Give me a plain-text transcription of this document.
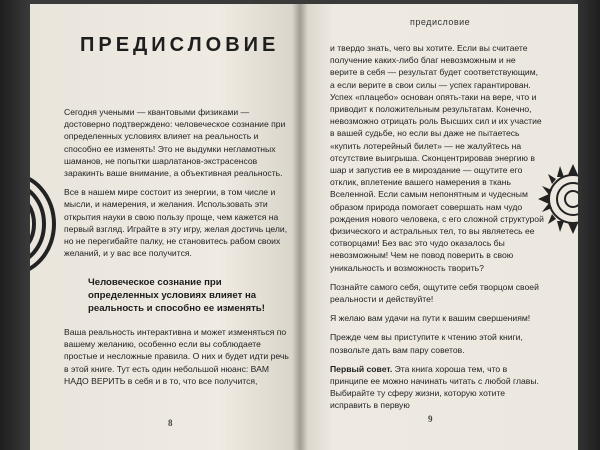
ПРЕДИСЛОВИЕ

Сегодня учеными — квантовыми физиками — достоверно подтверждено: человеческое сознание при определенных условиях влияет на реальность и способно ее изменять! Это не выдумки негламотных шаманов, не попытки шарлатанов-экстрасенсов заракинть ваше внимание, а объективная реальность.

Все в нашем мире состоит из энергии, в том числе и мысли, и намерения, и желания. Использовать эти открытия науки в свою пользу проще, чем кажется на первый взгляд. Играйте в эту игру, желая достичь цели, но не перегибайте палку, не становитесь рабом своих желаний, и у вас все получится.

Человеческое сознание при определенных условиях влияет на реальность и способно ее изменять!

Ваша реальность интерактивна и может изменяться по вашему желанию, особенно если вы соблюдаете простые и несложные правила. О них и будет идти речь в этой книге. Тут есть один небольшой нюанс: ВАМ НАДО ВЕРИТЬ в себя и в то, что все получится,

8
предисловие

и твердо знать, чего вы хотите. Если вы считаете получение каких-либо благ невозможным и не верите в себя — результат будет соответствующим, а если верите в свои силы — успех гарантирован. Успех «плацебо» основан опять-таки на вере, что и приводит к положительным результатам. Конечно, невозможно отрицать роль Высших сил и их участие в вашей судьбе, но если вы даже не пытаетесь «купить лотерейный билет» — не жалуйтесь на отсутствие выигрыша. Сконцентрировав энергию в шар и запустив ее в мироздание — ощутите его отклик, вплетение вашего намерения в ткань Вселенной. Если самым непонятным и чудесным образом природа помогает совершать нам чудо рождения нового человека, с его сложной структурой физического и астральных тел, то вы являетесь ее сотворцами! Без вас это чудо оказалось бы невозможным! Чем не повод поверить в свою уникальность и возможность творить?

Познайте самого себя, ощутите себя творцом своей реальности и действуйте!

Я желаю вам удачи на пути к вашим свершениям!

Прежде чем вы приступите к чтению этой книги, позвольте дать вам пару советов.

Первый совет. Эта книга хороша тем, что в принципе ее можно начинать читать с любой главы. Выбирайте ту сферу жизни, которую хотите исправить в первую

9
